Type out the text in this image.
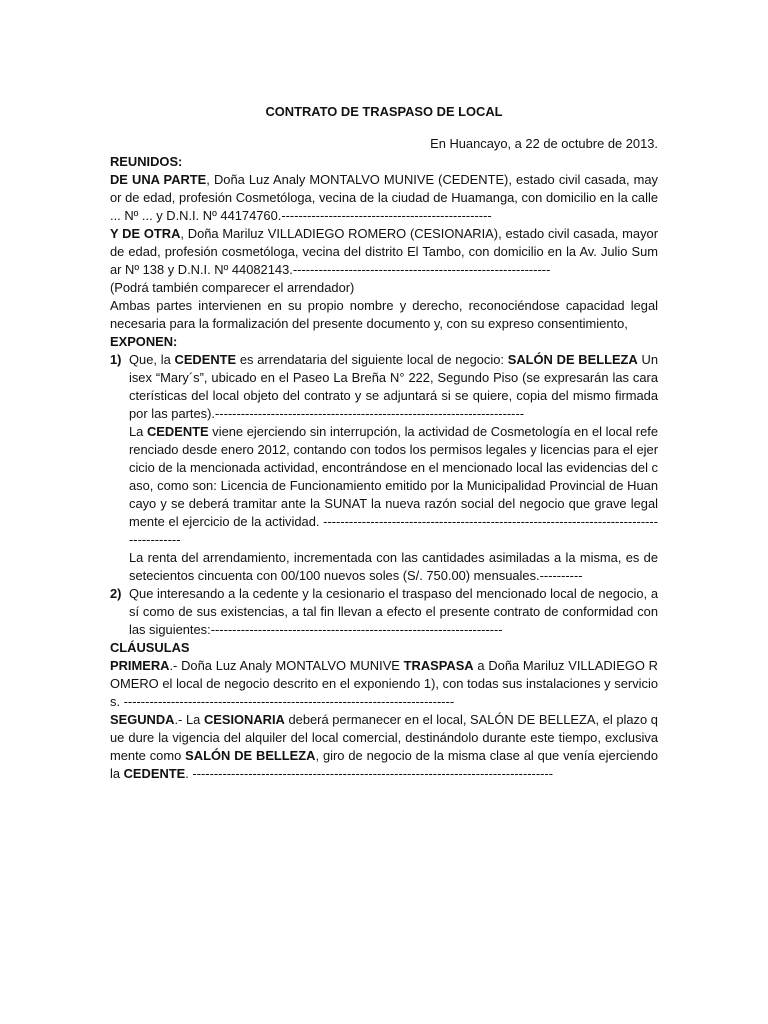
CONTRATO DE TRASPASO DE LOCAL

En Huancayo, a 22 de octubre de 2013.

REUNIDOS:

DE UNA PARTE, Doña Luz Analy MONTALVO MUNIVE (CEDENTE), estado civil casada, mayor de edad, profesión Cosmetóloga, vecina de la ciudad de Huamanga, con domicilio en la calle ... Nº ... y D.N.I. Nº 44174760.-------------------------------------------------

Y DE OTRA, Doña Mariluz VILLADIEGO ROMERO (CESIONARIA), estado civil casada, mayor de edad, profesión cosmetóloga, vecina del distrito El Tambo, con domicilio en la Av. Julio Sumar Nº 138 y D.N.I. Nº 44082143.------------------------------------------------------------

(Podrá también comparecer el arrendador)

Ambas partes intervienen en su propio nombre y derecho, reconociéndose capacidad legal necesaria para la formalización del presente documento y, con su expreso consentimiento,

EXPONEN:

1) Que, la CEDENTE es arrendataria del siguiente local de negocio: SALÓN DE BELLEZA Unisex “Mary´s”, ubicado en el Paseo La Breña N° 222, Segundo Piso (se expresarán las características del local objeto del contrato y se adjuntará si se quiere, copia del mismo firmada por las partes).------------------------------------------------------------------------

La CEDENTE viene ejerciendo sin interrupción, la actividad de Cosmetología en el local referenciado desde enero 2012, contando con todos los permisos legales y licencias para el ejercicio de la mencionada actividad, encontrándose en el mencionado local las evidencias del caso, como son: Licencia de Funcionamiento emitido por la Municipalidad Provincial de Huancayo y se deberá tramitar ante la SUNAT la nueva razón social del negocio que grave legalmente el ejercicio de la actividad. ------------------------------------------------------------------------------------------

La renta del arrendamiento, incrementada con las cantidades asimiladas a la misma, es de setecientos cincuenta con 00/100 nuevos soles (S/. 750.00) mensuales.----------

2) Que interesando a la cedente y la cesionario el traspaso del mencionado local de negocio, así como de sus existencias, a tal fin llevan a efecto el presente contrato de conformidad con las siguientes:--------------------------------------------------------------------

CLÁUSULAS

PRIMERA.- Doña Luz Analy MONTALVO MUNIVE TRASPASA a Doña Mariluz VILLADIEGO ROMERO el local de negocio descrito en el exponiendo 1), con todas sus instalaciones y servicios. -----------------------------------------------------------------------------

SEGUNDA.- La CESIONARIA deberá permanecer en el local, SALÓN DE BELLEZA, el plazo que dure la vigencia del alquiler del local comercial, destinándolo durante este tiempo, exclusivamente como SALÓN DE BELLEZA, giro de negocio de la misma clase al que venía ejerciendo la CEDENTE. ------------------------------------------------------------------------------------
